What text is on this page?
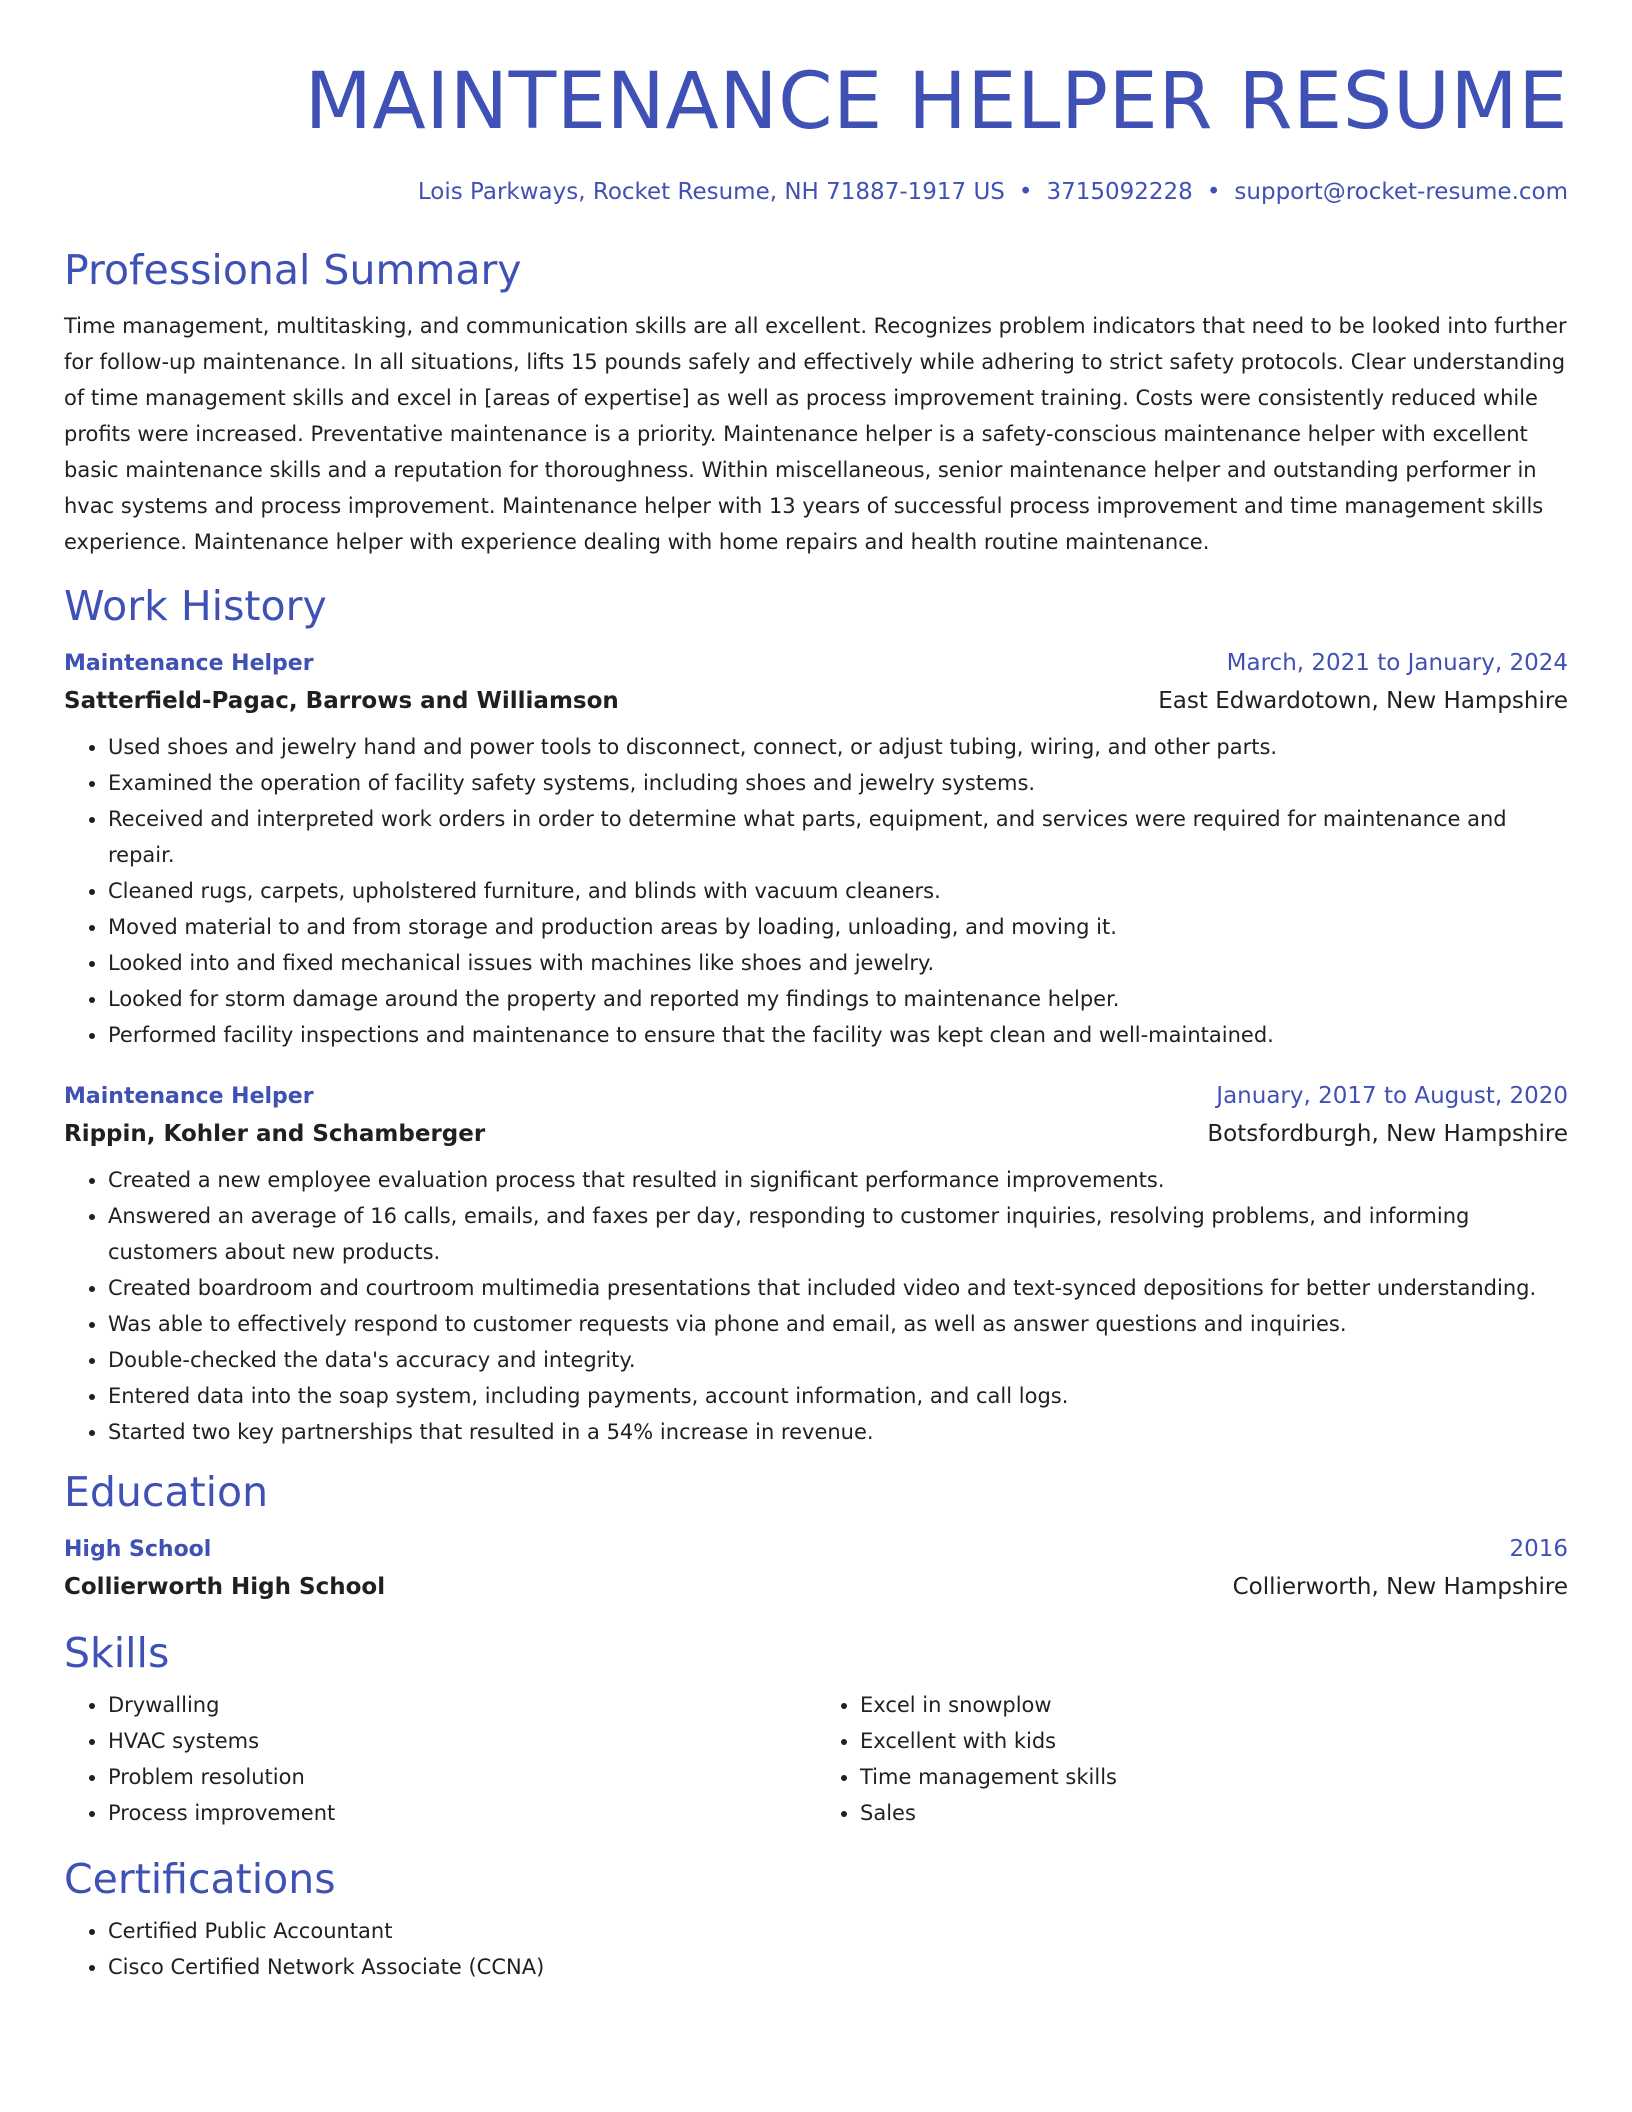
MAINTENANCE HELPER RESUME
Lois Parkways, Rocket Resume, NH 71887-1917 US • 3715092228 • support@rocket-resume.com
Professional Summary
Time management, multitasking, and communication skills are all excellent. Recognizes problem indicators that need to be looked into further for follow-up maintenance. In all situations, lifts 15 pounds safely and effectively while adhering to strict safety protocols. Clear understanding of time management skills and excel in [areas of expertise] as well as process improvement training. Costs were consistently reduced while profits were increased. Preventative maintenance is a priority. Maintenance helper is a safety-conscious maintenance helper with excellent basic maintenance skills and a reputation for thoroughness. Within miscellaneous, senior maintenance helper and outstanding performer in hvac systems and process improvement. Maintenance helper with 13 years of successful process improvement and time management skills experience. Maintenance helper with experience dealing with home repairs and health routine maintenance.
Work History
Maintenance Helper	March, 2021 to January, 2024
Satterfield-Pagac, Barrows and Williamson	East Edwardotown, New Hampshire
• Used shoes and jewelry hand and power tools to disconnect, connect, or adjust tubing, wiring, and other parts.
• Examined the operation of facility safety systems, including shoes and jewelry systems.
• Received and interpreted work orders in order to determine what parts, equipment, and services were required for maintenance and repair.
• Cleaned rugs, carpets, upholstered furniture, and blinds with vacuum cleaners.
• Moved material to and from storage and production areas by loading, unloading, and moving it.
• Looked into and fixed mechanical issues with machines like shoes and jewelry.
• Looked for storm damage around the property and reported my findings to maintenance helper.
• Performed facility inspections and maintenance to ensure that the facility was kept clean and well-maintained.
Maintenance Helper	January, 2017 to August, 2020
Rippin, Kohler and Schamberger	Botsfordburgh, New Hampshire
• Created a new employee evaluation process that resulted in significant performance improvements.
• Answered an average of 16 calls, emails, and faxes per day, responding to customer inquiries, resolving problems, and informing customers about new products.
• Created boardroom and courtroom multimedia presentations that included video and text-synced depositions for better understanding.
• Was able to effectively respond to customer requests via phone and email, as well as answer questions and inquiries.
• Double-checked the data's accuracy and integrity.
• Entered data into the soap system, including payments, account information, and call logs.
• Started two key partnerships that resulted in a 54% increase in revenue.
Education
High School	2016
Collierworth High School	Collierworth, New Hampshire
Skills
• Drywalling
• HVAC systems
• Problem resolution
• Process improvement
• Excel in snowplow
• Excellent with kids
• Time management skills
• Sales
Certifications
• Certified Public Accountant
• Cisco Certified Network Associate (CCNA)
